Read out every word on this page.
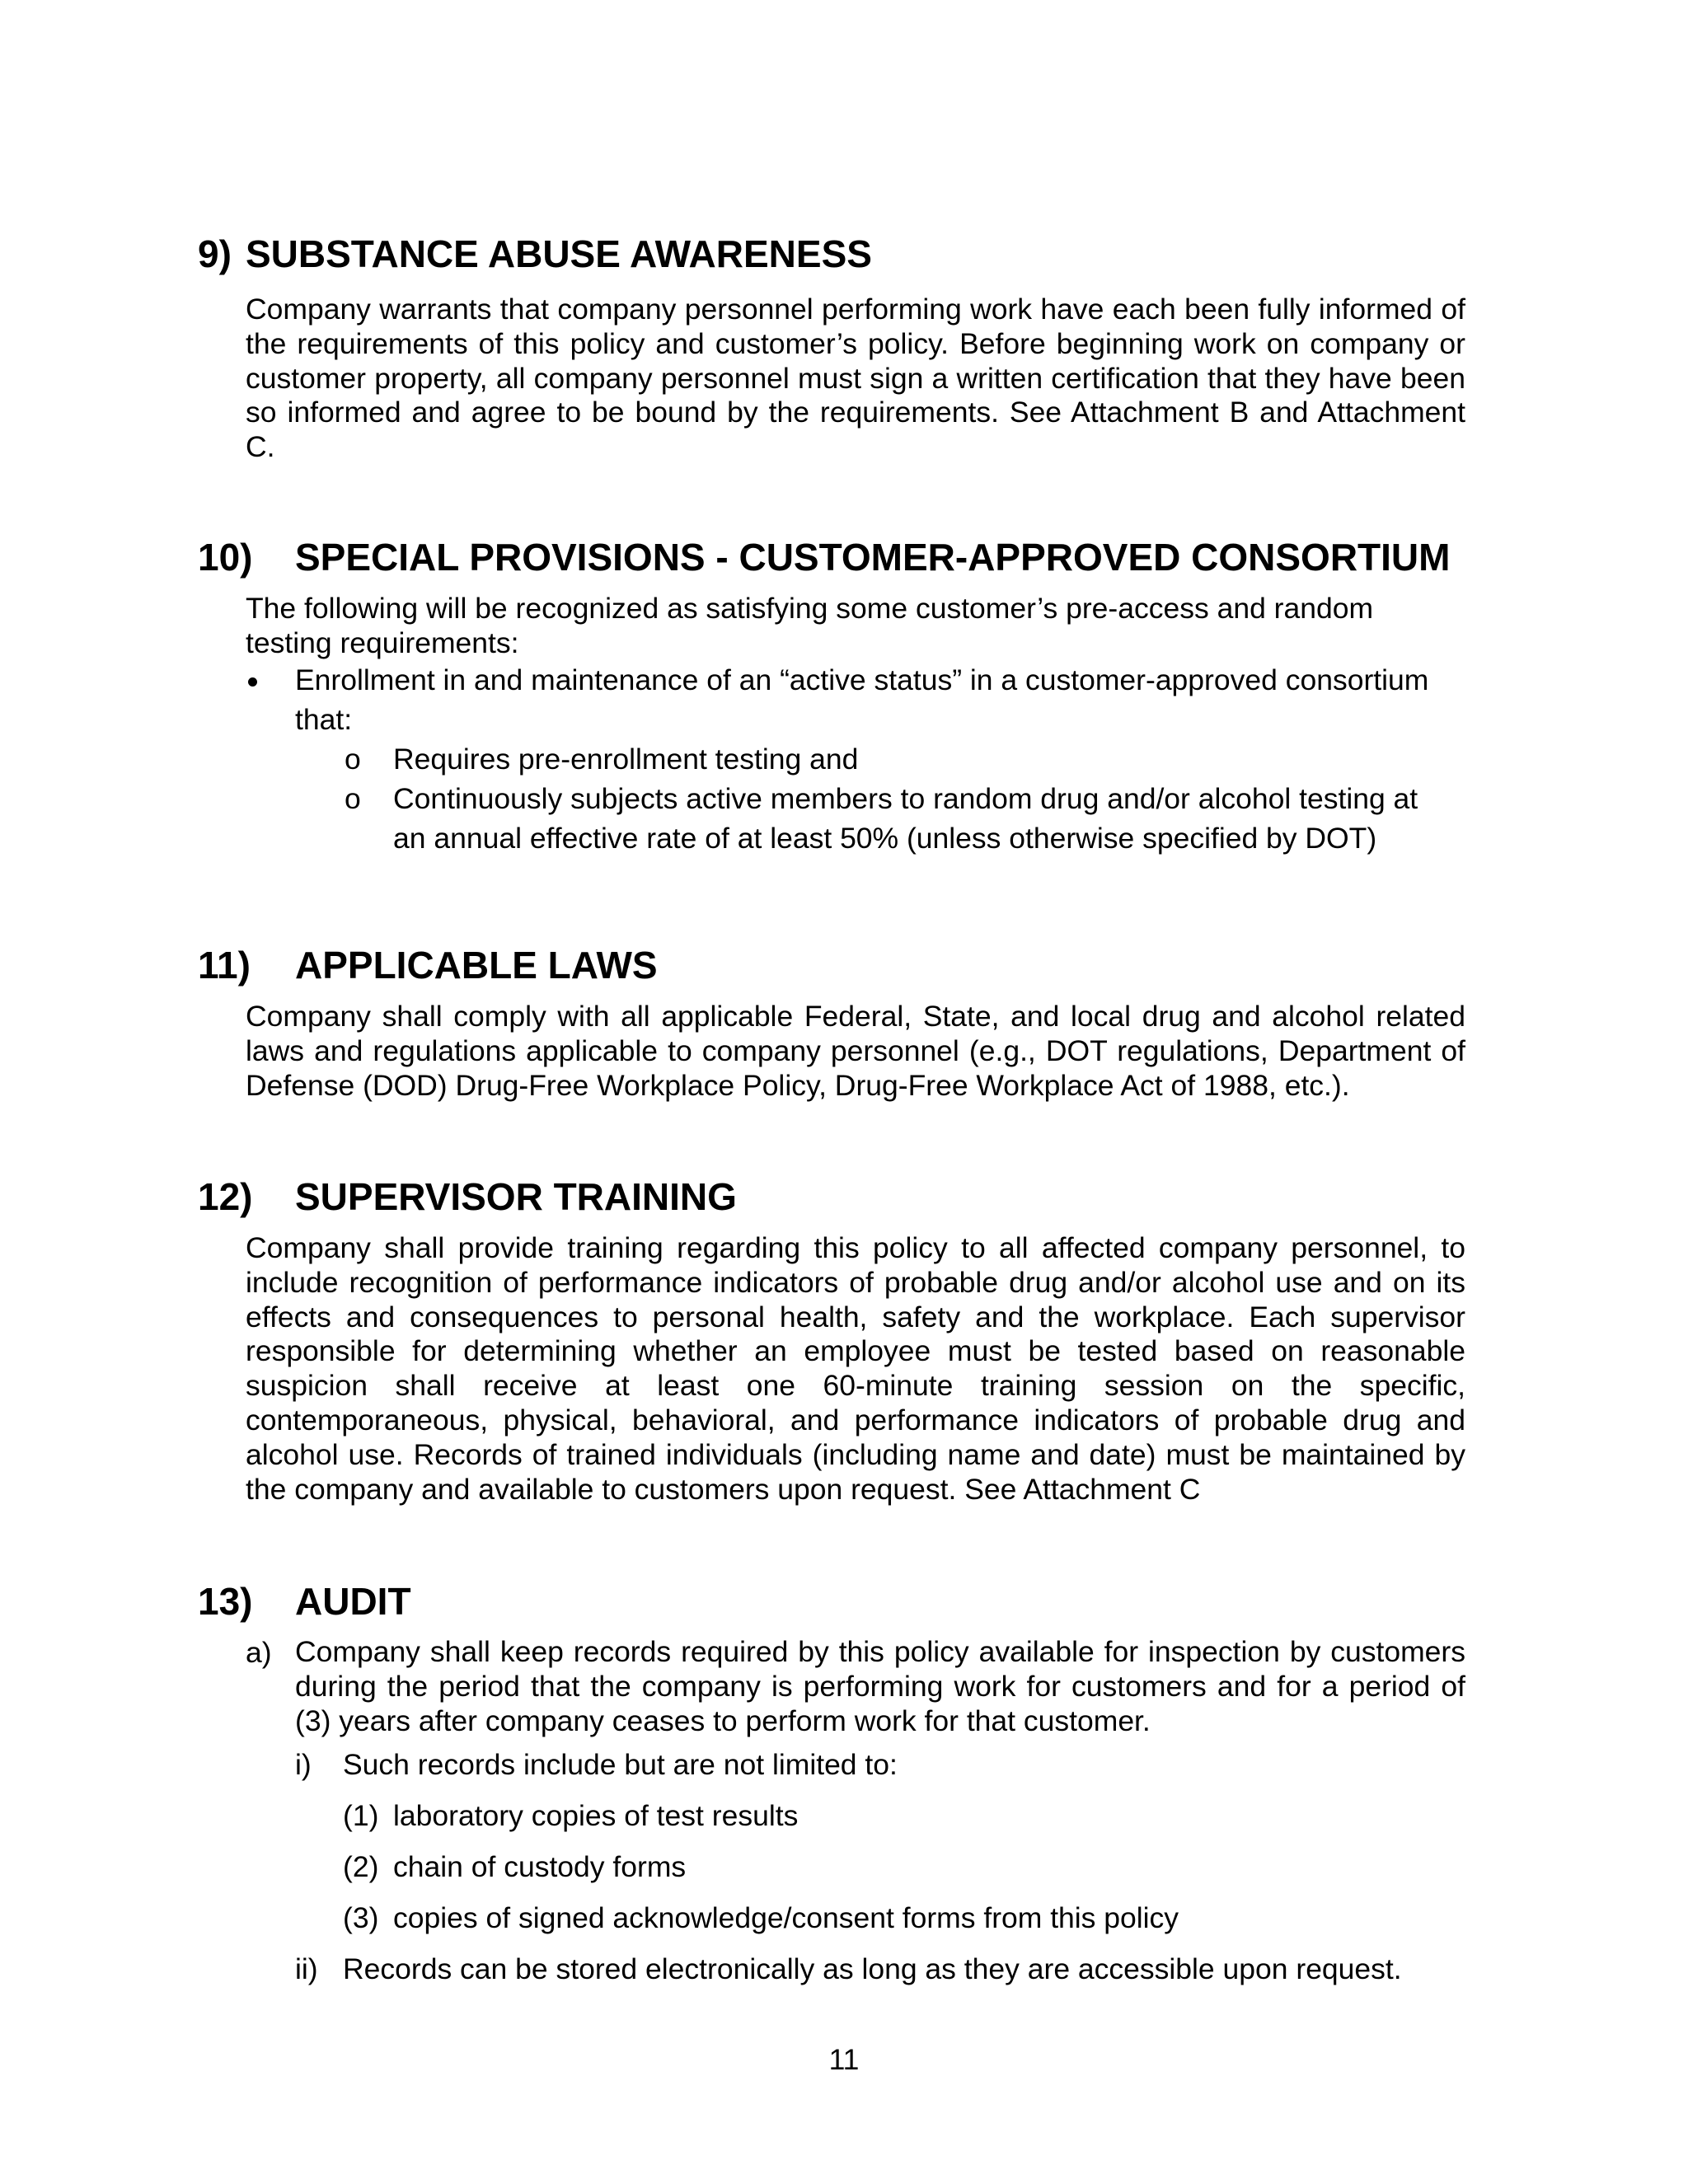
9) SUBSTANCE ABUSE AWARENESS

Company warrants that company personnel performing work have each been fully informed of the requirements of this policy and customer’s policy. Before beginning work on company or customer property, all company personnel must sign a written certification that they have been so informed and agree to be bound by the requirements. See Attachment B and Attachment C.

10) SPECIAL PROVISIONS - CUSTOMER-APPROVED CONSORTIUM
The following will be recognized as satisfying some customer’s pre-access and random
testing requirements:
Enrollment in and maintenance of an “active status” in a customer-approved consortium
that:
o Requires pre-enrollment testing and
o Continuously subjects active members to random drug and/or alcohol testing at
an annual effective rate of at least 50% (unless otherwise specified by DOT)
11) APPLICABLE LAWS

Company shall comply with all applicable Federal, State, and local drug and alcohol related laws and regulations applicable to company personnel (e.g., DOT regulations, Department of Defense (DOD) Drug-Free Workplace Policy, Drug-Free Workplace Act of 1988, etc.).

12) SUPERVISOR TRAINING

Company shall provide training regarding this policy to all affected company personnel, to include recognition of performance indicators of probable drug and/or alcohol use and on its effects and consequences to personal health, safety and the workplace. Each supervisor responsible for determining whether an employee must be tested based on reasonable suspicion shall receive at least one 60-minute training session on the specific, contemporaneous, physical, behavioral, and performance indicators of probable drug and alcohol use. Records of trained individuals (including name and date) must be maintained by the company and available to customers upon request. See Attachment C

13) AUDIT
a) Company shall keep records required by this policy available for inspection by customers during the period that the company is performing work for customers and for a period of (3) years after company ceases to perform work for that customer.

i) Such records include but are not limited to:
(1) laboratory copies of test results
(2) chain of custody forms
(3) copies of signed acknowledge/consent forms from this policy
ii) Records can be stored electronically as long as they are accessible upon request.
11
